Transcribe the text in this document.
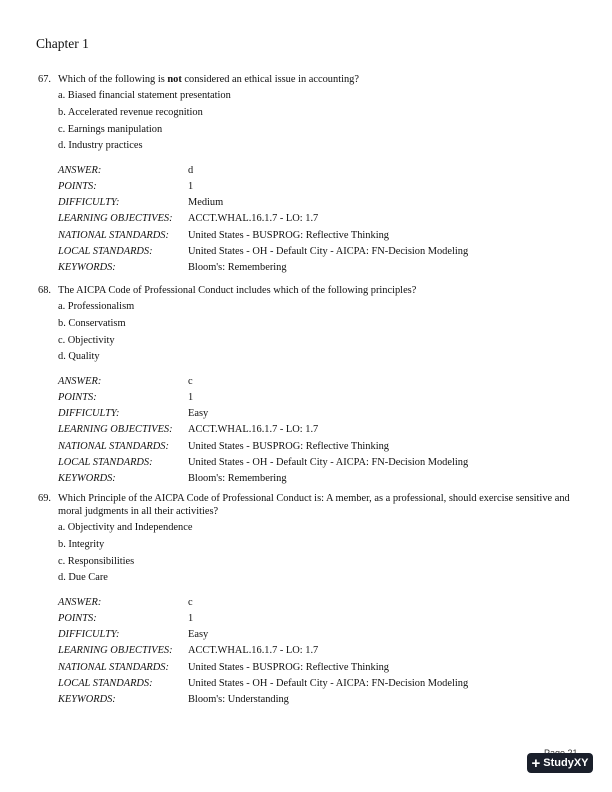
Chapter 1
67. Which of the following is not considered an ethical issue in accounting?
a. Biased financial statement presentation
b. Accelerated revenue recognition
c. Earnings manipulation
d. Industry practices
ANSWER:	d
POINTS:	1
DIFFICULTY:	Medium
LEARNING OBJECTIVES: ACCT.WHAL.16.1.7 - LO: 1.7
NATIONAL STANDARDS: United States - BUSPROG: Reflective Thinking
LOCAL STANDARDS:	United States - OH - Default City - AICPA: FN-Decision Modeling
KEYWORDS:	Bloom's: Remembering
68. The AICPA Code of Professional Conduct includes which of the following principles?
a. Professionalism
b. Conservatism
c. Objectivity
d. Quality
ANSWER:	c
POINTS:	1
DIFFICULTY:	Easy
LEARNING OBJECTIVES: ACCT.WHAL.16.1.7 - LO: 1.7
NATIONAL STANDARDS: United States - BUSPROG: Reflective Thinking
LOCAL STANDARDS:	United States - OH - Default City - AICPA: FN-Decision Modeling
KEYWORDS:	Bloom's: Remembering
69. Which Principle of the AICPA Code of Professional Conduct is: A member, as a professional, should exercise sensitive and moral judgments in all their activities?
a. Objectivity and Independence
b. Integrity
c. Responsibilities
d. Due Care
ANSWER:	c
POINTS:	1
DIFFICULTY:	Easy
LEARNING OBJECTIVES: ACCT.WHAL.16.1.7 - LO: 1.7
NATIONAL STANDARDS: United States - BUSPROG: Reflective Thinking
LOCAL STANDARDS:	United States - OH - Default City - AICPA: FN-Decision Modeling
KEYWORDS:	Bloom's: Understanding
+ StudyXY
